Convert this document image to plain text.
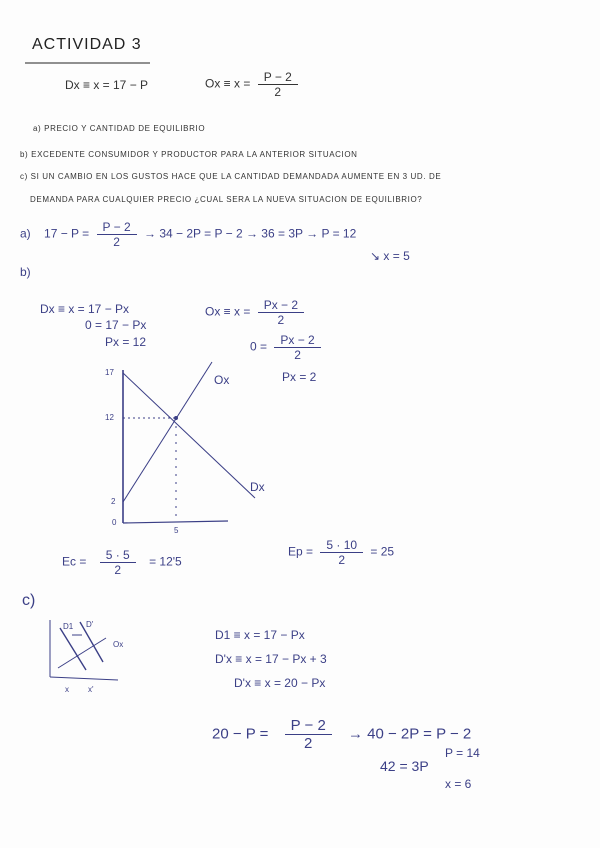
ACTIVIDAD 3
a) PRECIO Y CANTIDAD DE EQUILIBRIO
b) EXCEDENTE CONSUMIDOR Y PRODUCTOR PARA LA ANTERIOR SITUACION
c) SI UN CAMBIO EN LOS GUSTOS HACE QUE LA CANTIDAD DEMANDADA AUMENTE EN 3 UD. DE
DEMANDA PARA CUALQUIER PRECIO ¿CUAL SERA LA NUEVA SITUACION DE EQUILIBRIO?
Dx ≡ x = 17 − P	$Ox \equiv x = \frac{P - 2}{2}$
a) $17 - P = \frac{P - 2}{2} \to 34 - 2P = P - 2 \to 36 = 3P \to P = 12$
↘ x = 5
b)
Dx ≡ x = 17 − Px
0 = 17 − Px
Px = 12
$Ox \equiv x = \frac{Px - 2}{2}$
$0 = \frac{Px - 2}{2}$
Px = 2
17
12
2
0
5
Ox
Dx
$Ec = \frac{5 \cdot 5}{2} = 12'5$
$Ep = \frac{5 \cdot 10}{2} = 25$
c)
D1 D'
Ox
x x'
D1 ≡ x = 17 − Px
D'x ≡ x = 17 − Px + 3
D'x ≡ x = 20 − Px
$20 - P = \frac{P - 2}{2} \to 40 - 2P = P - 2$
42 = 3P
P = 14
x = 6
